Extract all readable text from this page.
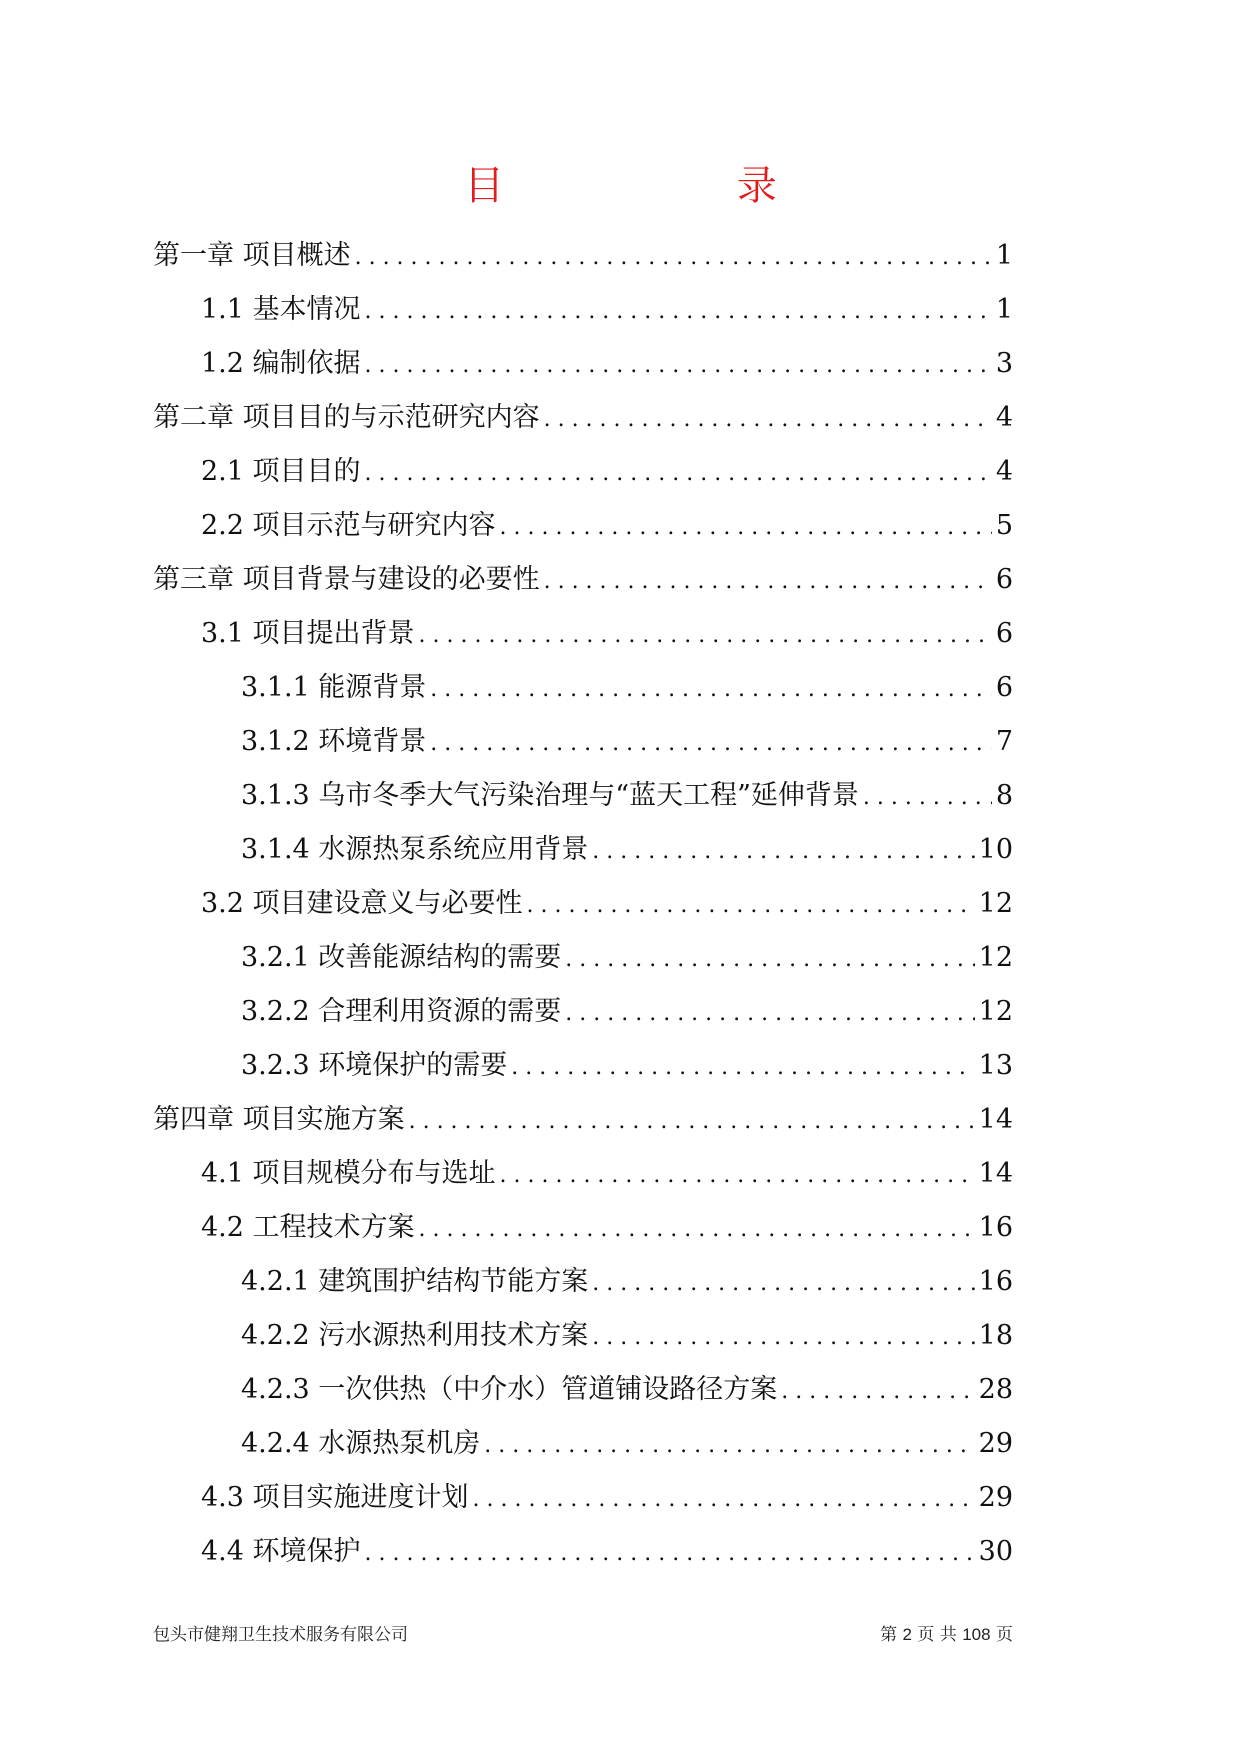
目 录
第一章 项目概述 . . .	1
1.1 基本情况 . . .	1
1.2 编制依据 . . .	3
第二章 项目目的与示范研究内容 . . .	4
2.1 项目目的 . . .	4
2.2 项目示范与研究内容 . . .	5
第三章 项目背景与建设的必要性 . . .	6
3.1 项目提出背景 . . .	6
3.1.1 能源背景 . . .	6
3.1.2 环境背景 . . .	7
3.1.3 乌市冬季大气污染治理与“蓝天工程”延伸背景 . . .	8
3.1.4 水源热泵系统应用背景 . . .	10
3.2 项目建设意义与必要性 . . .	12
3.2.1 改善能源结构的需要 . . .	12
3.2.2 合理利用资源的需要 . . .	12
3.2.3 环境保护的需要 . . .	13
第四章 项目实施方案 . . .	14
4.1 项目规模分布与选址 . . .	14
4.2 工程技术方案 . . .	16
4.2.1 建筑围护结构节能方案 . . .	16
4.2.2 污水源热利用技术方案 . . .	18
4.2.3 一次供热（中介水）管道铺设路径方案 . . .	28
4.2.4 水源热泵机房 . . .	29
4.3 项目实施进度计划 . . .	29
4.4 环境保护 . . .	30
包头市健翔卫生技术服务有限公司	第 2 页 共 108 页
